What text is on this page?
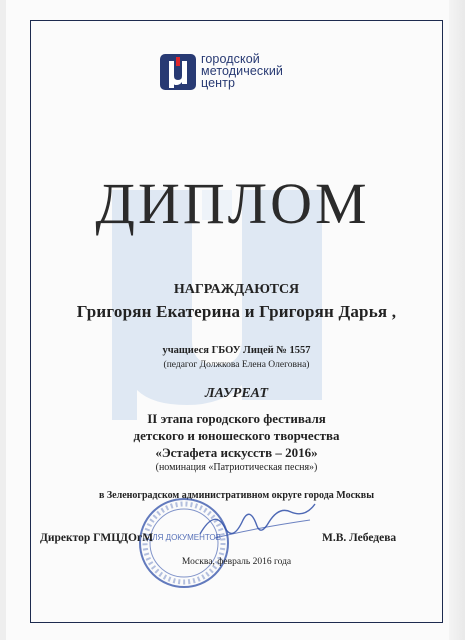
городской
методический
центр
ДИПЛОМ
НАГРАЖДАЮТСЯ
Григорян Екатерина и Григорян Дарья ,
учащиеся ГБОУ Лицей № 1557
(педагог Должкова Елена Олеговна)
ЛАУРЕАТ
II этапа городского фестиваля
детского и юношеского творчества
«Эстафета искусств – 2016»
(номинация «Патриотическая песня»)
в Зеленоградском административном округе города Москвы
ДЛЯ ДОКУМЕНТОВ
Директор ГМЦДОгМ	М.В. Лебедева
Москва, февраль 2016 года
